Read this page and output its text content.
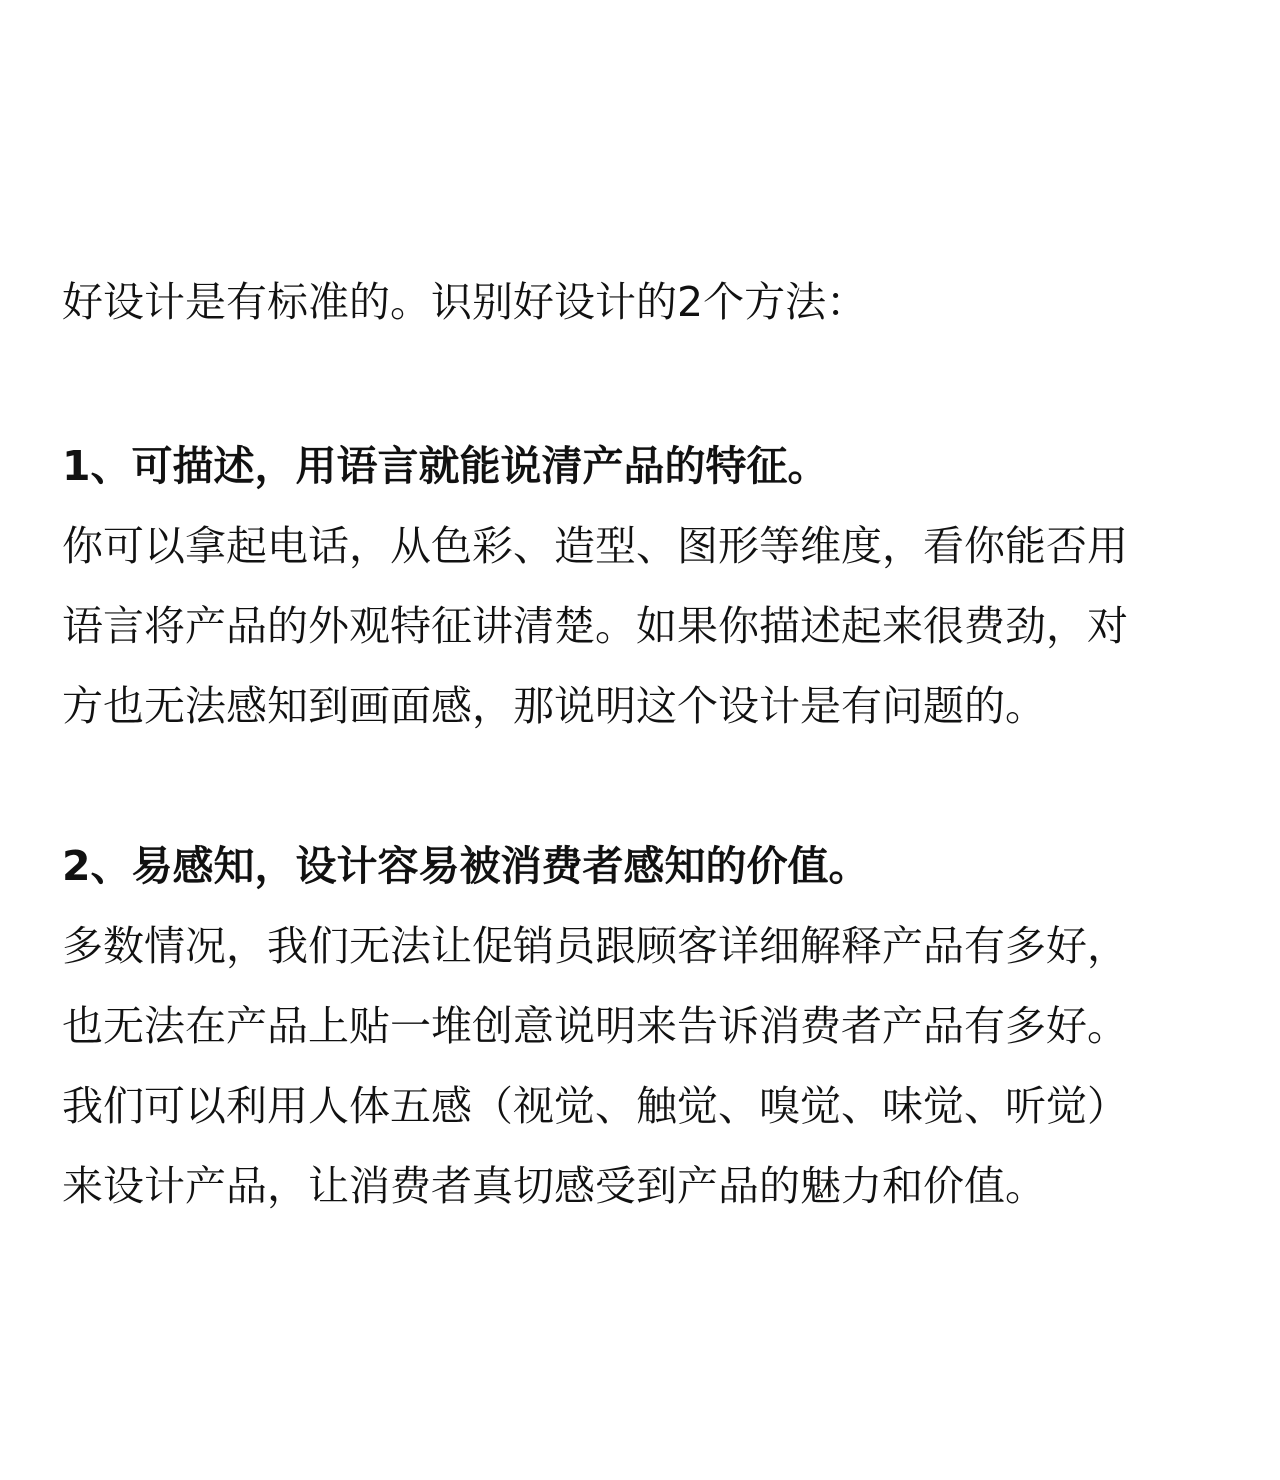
好设计是有标准的。识别好设计的2个方法：

1、可描述，用语言就能说清产品的特征。

你可以拿起电话，从色彩、造型、图形等维度，看你能否用

语言将产品的外观特征讲清楚。如果你描述起来很费劲，对

方也无法感知到画面感，那说明这个设计是有问题的。

2、易感知，设计容易被消费者感知的价值。

多数情况，我们无法让促销员跟顾客详细解释产品有多好，

也无法在产品上贴一堆创意说明来告诉消费者产品有多好。

我们可以利用人体五感（视觉、触觉、嗅觉、味觉、听觉）

来设计产品，让消费者真切感受到产品的魅力和价值。
